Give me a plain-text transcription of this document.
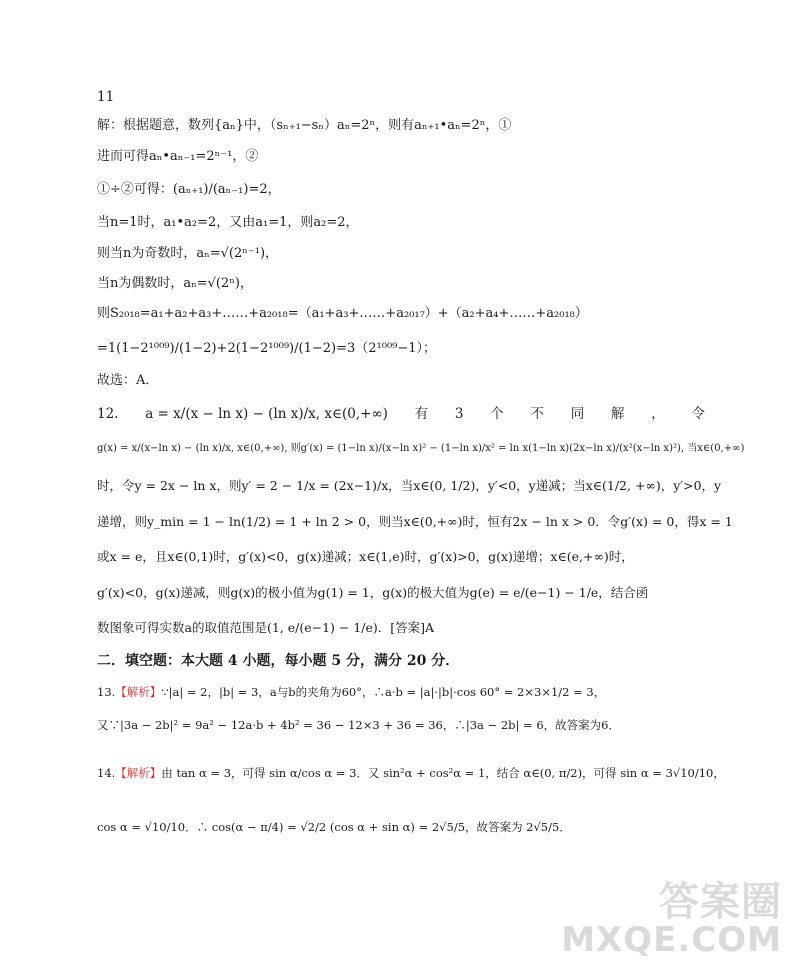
11
解：根据题意，数列{aₙ}中，（sₙ₊₁−sₙ）aₙ=2ⁿ，则有aₙ₊₁•aₙ=2ⁿ，①
进而可得aₙ•aₙ₋₁=2ⁿ⁻¹，②
①÷②可得：(aₙ₊₁)/(aₙ₋₁)=2，
当n=1时，a₁•a₂=2，又由a₁=1，则a₂=2，
则当n为奇数时，aₙ=√(2ⁿ⁻¹)，
当n为偶数时，aₙ=√(2ⁿ)，
则S₂₀₁₈=a₁+a₂+a₃+……+a₂₀₁₈=（a₁+a₃+……+a₂₀₁₇）+（a₂+a₄+……+a₂₀₁₈）
=1(1−2¹⁰⁰⁹)/(1−2)+2(1−2¹⁰⁰⁹)/(1−2)=3（2¹⁰⁰⁹−1）；
故选：A．
12. a = x/(x − ln x) − (ln x)/x, x∈(0,+∞) 有 3 个 不 同 解 ， 令
g(x) = x/(x−ln x) − (ln x)/x, x∈(0,+∞), 则g′(x) = (1−ln x)/(x−ln x)² − (1−ln x)/x² = ln x(1−ln x)(2x−ln x)/(x²(x−ln x)²), 当x∈(0,+∞)
时，令y = 2x − ln x，则y′ = 2 − 1/x = (2x−1)/x，当x∈(0, 1/2)，y′<0，y递减；当x∈(1/2, +∞)，y′>0，y
递增，则y_min = 1 − ln(1/2) = 1 + ln 2 > 0，则当x∈(0,+∞)时，恒有2x − ln x > 0．令g′(x) = 0，得x = 1
或x = e，且x∈(0,1)时，g′(x)<0，g(x)递减；x∈(1,e)时，g′(x)>0，g(x)递增；x∈(e,+∞)时，
g′(x)<0，g(x)递减，则g(x)的极小值为g(1) = 1，g(x)的极大值为g(e) = e/(e−1) − 1/e，结合函
数图象可得实数a的取值范围是(1, e/(e−1) − 1/e)．[答案]A
二．填空题：本大题 4 小题，每小题 5 分，满分 20 分．
13.【解析】∵|a| = 2，|b| = 3，a与b的夹角为60°，∴a·b = |a|·|b|·cos 60° = 2×3×1/2 = 3，
又∵|3a − 2b|² = 9a² − 12a·b + 4b² = 36 − 12×3 + 36 = 36，∴|3a − 2b| = 6，故答案为6．
14.【解析】由 tan α = 3，可得 sin α/cos α = 3．又 sin²α + cos²α = 1，结合 α∈(0, π/2)，可得 sin α = 3√10/10，
cos α = √10/10．∴ cos(α − π/4) = √2/2 (cos α + sin α) = 2√5/5，故答案为 2√5/5．
答案圈
MXQE.COM
